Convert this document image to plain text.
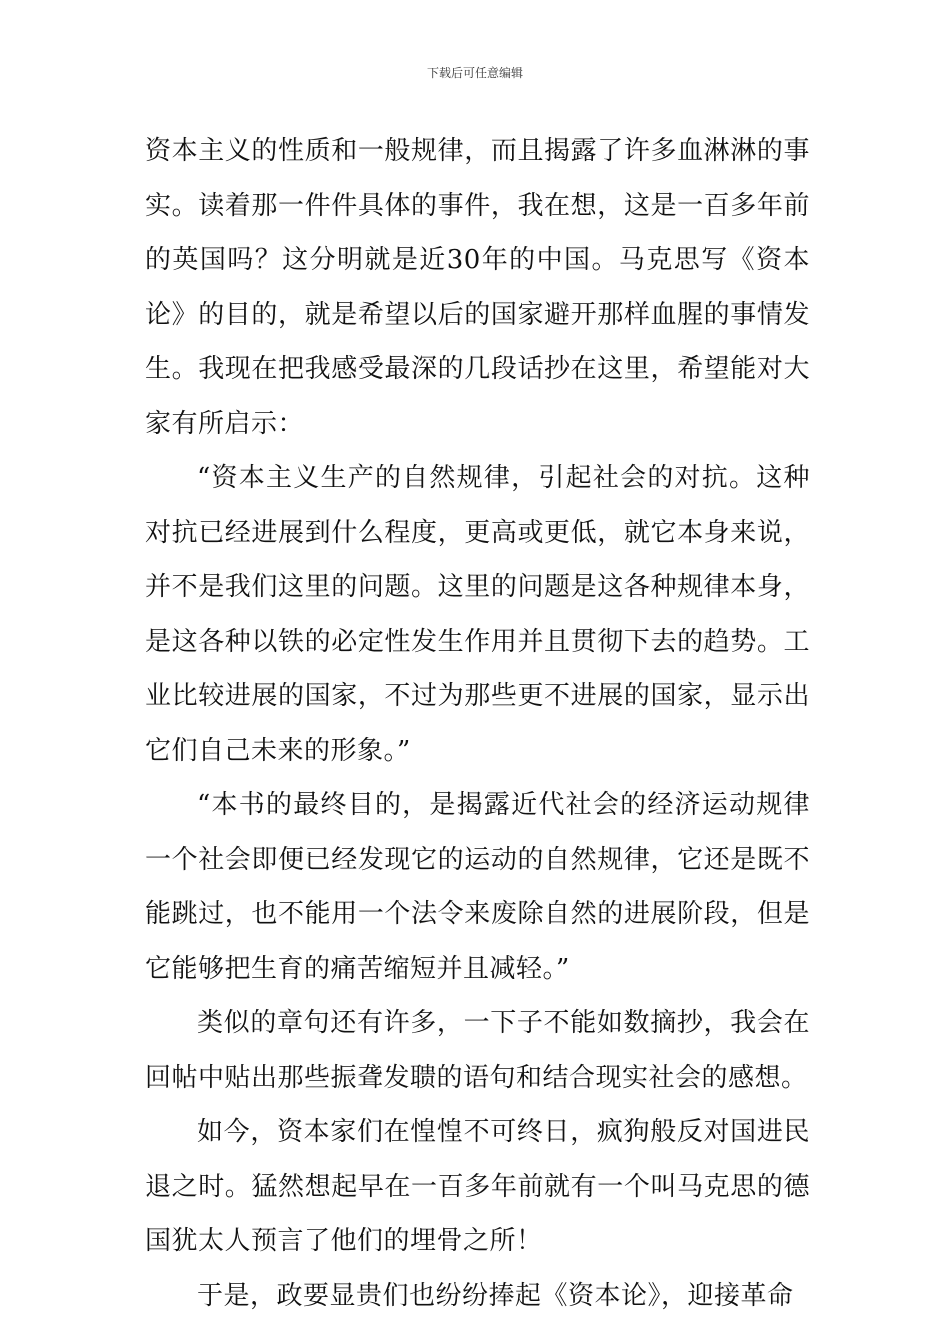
下载后可任意编辑

资本主义的性质和一般规律，而且揭露了许多血淋淋的事实。读着那一件件具体的事件，我在想，这是一百多年前的英国吗？这分明就是近30年的中国。马克思写《资本论》的目的，就是希望以后的国家避开那样血腥的事情发生。我现在把我感受最深的几段话抄在这里，希望能对大家有所启示：

“资本主义生产的自然规律，引起社会的对抗。这种对抗已经进展到什么程度，更高或更低，就它本身来说，并不是我们这里的问题。这里的问题是这各种规律本身，是这各种以铁的必定性发生作用并且贯彻下去的趋势。工业比较进展的国家，不过为那些更不进展的国家，显示出它们自己未来的形象。”

“本书的最终目的，是揭露近代社会的经济运动规律一个社会即便已经发现它的运动的自然规律，它还是既不能跳过，也不能用一个法令来废除自然的进展阶段，但是它能够把生育的痛苦缩短并且减轻。”

类似的章句还有许多，一下子不能如数摘抄，我会在回帖中贴出那些振聋发聩的语句和结合现实社会的感想。

如今，资本家们在惶惶不可终日，疯狗般反对国进民退之时。猛然想起早在一百多年前就有一个叫马克思的德国犹太人预言了他们的埋骨之所！

于是，政要显贵们也纷纷捧起《资本论》，迎接革命
